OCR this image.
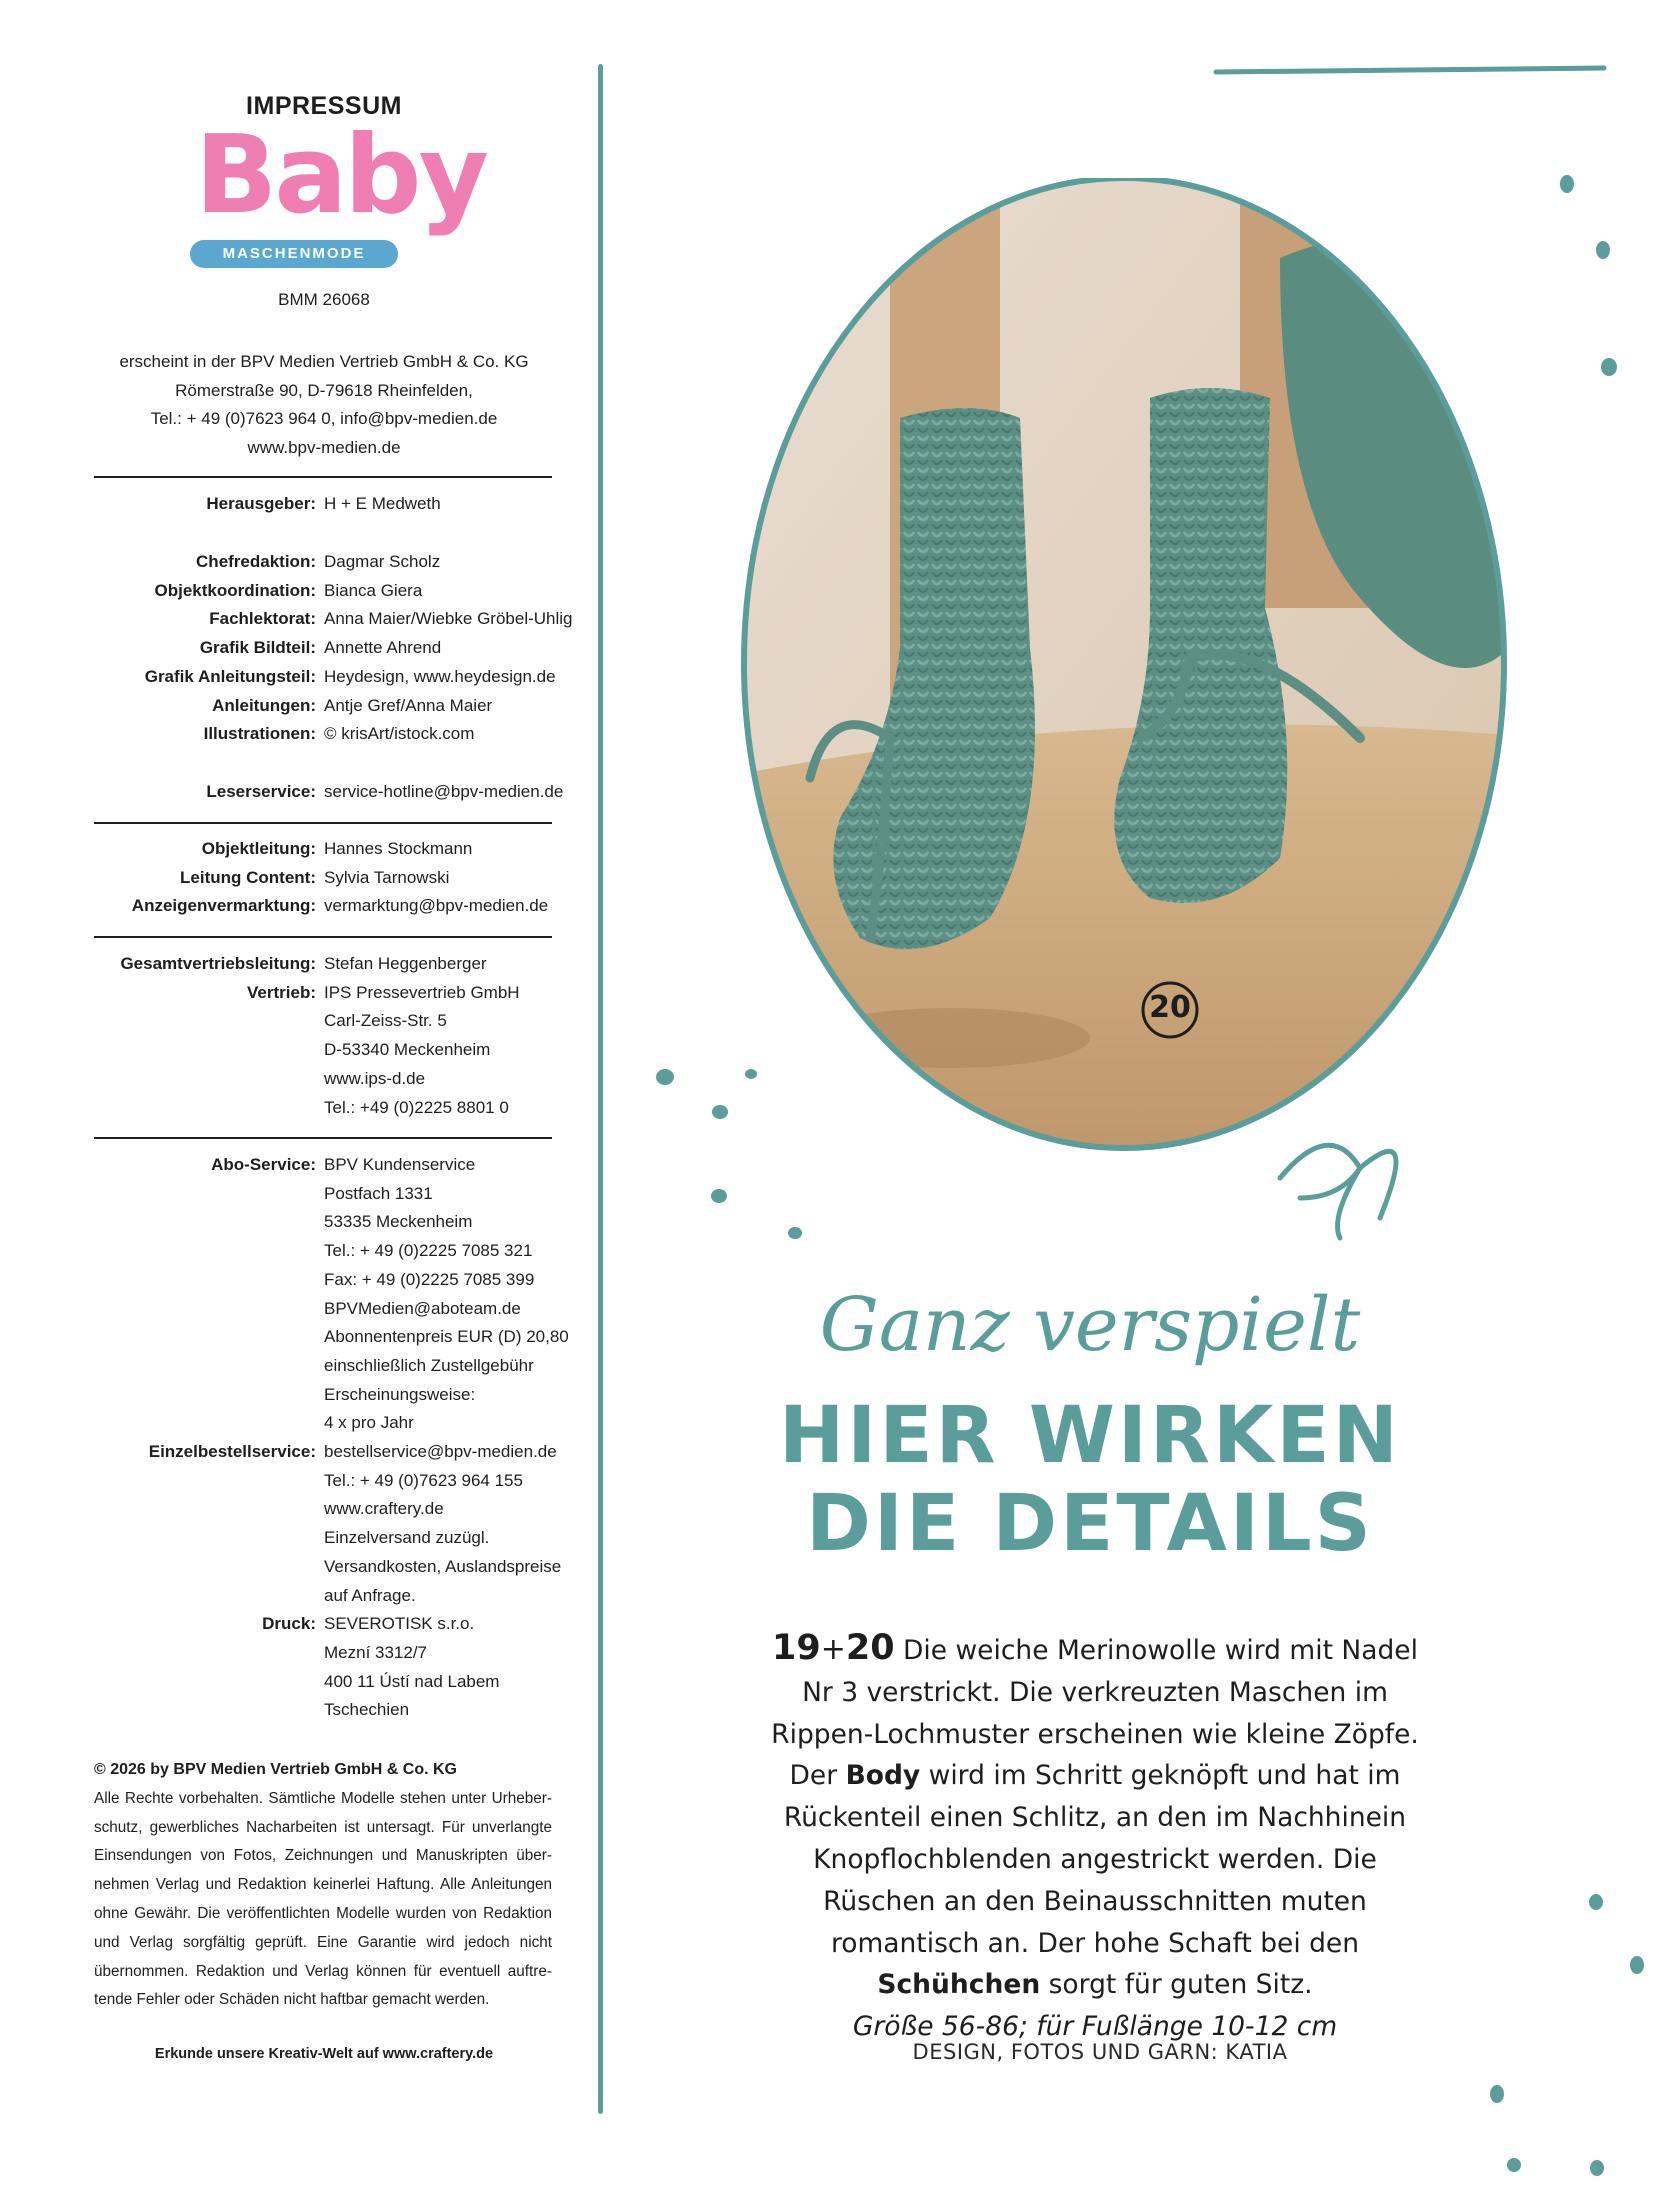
IMPRESSUM
Baby
MASCHENMODE
BMM 26068
erscheint in der BPV Medien Vertrieb GmbH & Co. KG
Römerstraße 90, D-79618 Rheinfelden,
Tel.: + 49 (0)7623 964 0, info@bpv-medien.de
www.bpv-medien.de
Herausgeber: H + E Medweth
Chefredaktion: Dagmar Scholz
Objektkoordination: Bianca Giera
Fachlektorat: Anna Maier/Wiebke Gröbel-Uhlig
Grafik Bildteil: Annette Ahrend
Grafik Anleitungsteil: Heydesign, www.heydesign.de
Anleitungen: Antje Gref/Anna Maier
Illustrationen: © krisArt/istock.com
Leserservice: service-hotline@bpv-medien.de
Objektleitung: Hannes Stockmann
Leitung Content: Sylvia Tarnowski
Anzeigenvermarktung: vermarktung@bpv-medien.de
Gesamtvertriebsleitung: Stefan Heggenberger
Vertrieb: IPS Pressevertrieb GmbH
Carl-Zeiss-Str. 5
D-53340 Meckenheim
www.ips-d.de
Tel.: +49 (0)2225 8801 0
Abo-Service: BPV Kundenservice
Postfach 1331
53335 Meckenheim
Tel.: + 49 (0)2225 7085 321
Fax: + 49 (0)2225 7085 399
BPVMedien@aboteam.de
Abonnentenpreis EUR (D) 20,80
einschließlich Zustellgebühr
Erscheinungsweise:
4 x pro Jahr
Einzelbestellservice: bestellservice@bpv-medien.de
Tel.: + 49 (0)7623 964 155
www.craftery.de
Einzelversand zuzügl.
Versandkosten, Auslandspreise
auf Anfrage.
Druck: SEVEROTISK s.r.o.
Mezní 3312/7
400 11 Ústí nad Labem
Tschechien
© 2026 by BPV Medien Vertrieb GmbH & Co. KG
Alle Rechte vorbehalten. Sämtliche Modelle stehen unter Urheber-schutz, gewerbliches Nacharbeiten ist untersagt. Für unverlangte Einsendungen von Fotos, Zeichnungen und Manuskripten über-nehmen Verlag und Redaktion keinerlei Haftung. Alle Anleitungen ohne Gewähr. Die veröffentlichten Modelle wurden von Redaktion und Verlag sorgfältig geprüft. Eine Garantie wird jedoch nicht übernommen. Redaktion und Verlag können für eventuell auftre-tende Fehler oder Schäden nicht haftbar gemacht werden.
Erkunde unsere Kreativ-Welt auf www.craftery.de
20
Ganz verspielt
HIER WIRKEN
DIE DETAILS
19+20 Die weiche Merinowolle wird mit Nadel Nr 3 verstrickt. Die verkreuzten Maschen im Rippen-Lochmuster erscheinen wie kleine Zöpfe. Der Body wird im Schritt geknöpft und hat im Rückenteil einen Schlitz, an den im Nachhinein Knopflochblenden angestrickt werden. Die Rüschen an den Beinausschnitten muten romantisch an. Der hohe Schaft bei den Schühchen sorgt für guten Sitz.
Größe 56-86; für Fußlänge 10-12 cm
DESIGN, FOTOS UND GARN: KATIA
